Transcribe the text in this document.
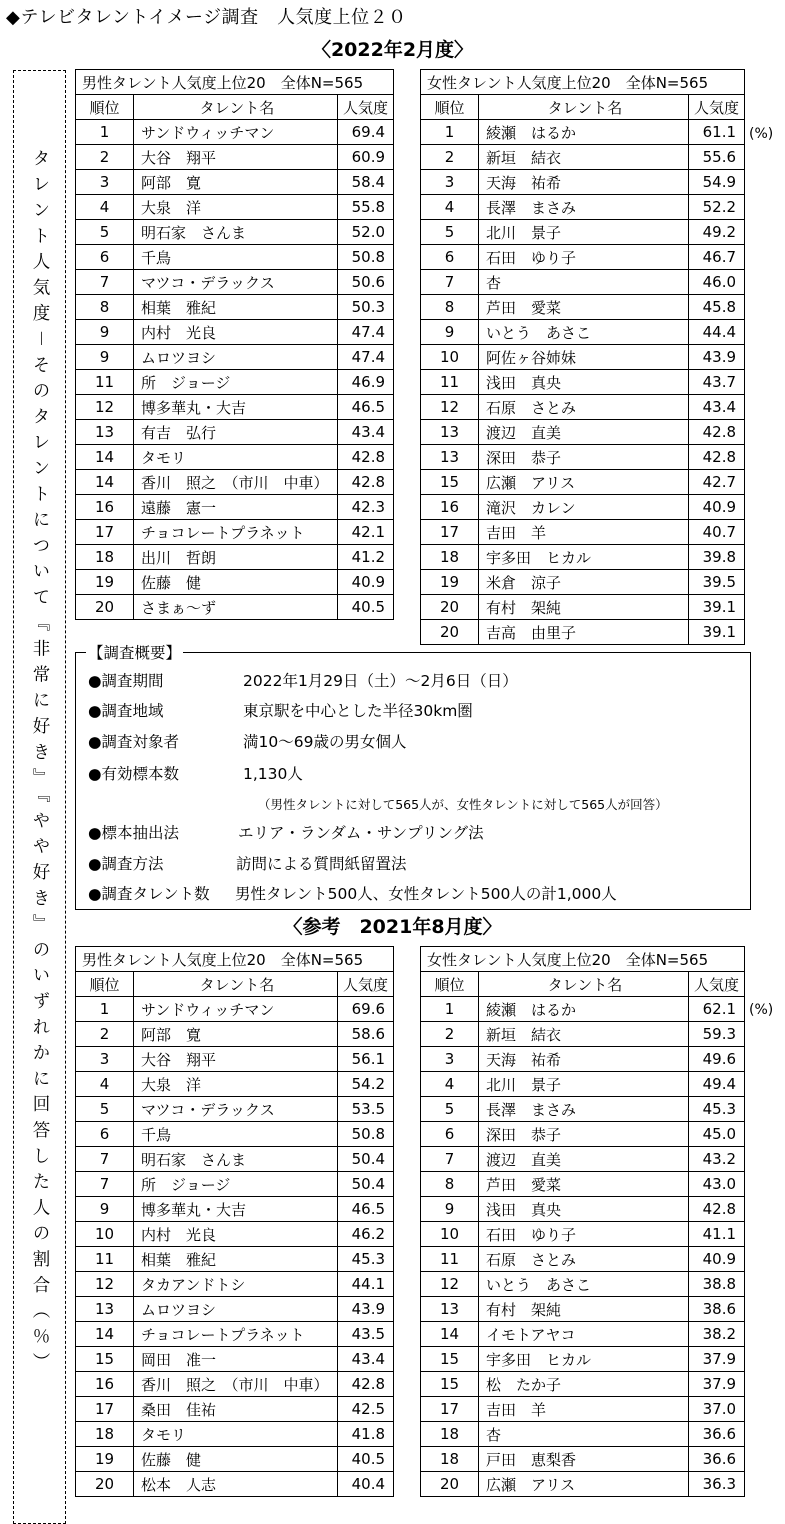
◆テレビタレントイメージ調査　人気度上位２０
〈2022年2月度〉
〈参考　2021年8月度〉
タレント人気度－そのタレントについて『非常に好き』『やや好き』のいずれかに回答した人の割合（％）
男性タレント人気度上位20　全体N=565		
順位	タレント名	人気度
1	サンドウィッチマン	69.4
2	大谷　翔平	60.9
3	阿部　寛	58.4
4	大泉　洋	55.8
5	明石家　さんま	52.0
6	千鳥	50.8
7	マツコ・デラックス	50.6
8	相葉　雅紀	50.3
9	内村　光良	47.4
9	ムロツヨシ	47.4
11	所　ジョージ	46.9
12	博多華丸・大吉	46.5
13	有吉　弘行	43.4
14	タモリ	42.8
14	香川　照之　（市川　中車）	42.8
16	遠藤　憲一	42.3
17	チョコレートプラネット	42.1
18	出川　哲朗	41.2
19	佐藤　健	40.9
20	さまぁ～ず	40.5
女性タレント人気度上位20　全体N=565		
順位	タレント名	人気度
1	綾瀬　はるか	61.1
2	新垣　結衣	55.6
3	天海　祐希	54.9
4	長澤　まさみ	52.2
5	北川　景子	49.2
6	石田　ゆり子	46.7
7	杏	46.0
8	芦田　愛菜	45.8
9	いとう　あさこ	44.4
10	阿佐ヶ谷姉妹	43.9
11	浅田　真央	43.7
12	石原　さとみ	43.4
13	渡辺　直美	42.8
13	深田　恭子	42.8
15	広瀬　アリス	42.7
16	滝沢　カレン	40.9
17	吉田　羊	40.7
18	宇多田　ヒカル	39.8
19	米倉　涼子	39.5
20	有村　架純	39.1
20	吉高　由里子	39.1
男性タレント人気度上位20　全体N=565		
順位	タレント名	人気度
1	サンドウィッチマン	69.6
2	阿部　寛	58.6
3	大谷　翔平	56.1
4	大泉　洋	54.2
5	マツコ・デラックス	53.5
6	千鳥	50.8
7	明石家　さんま	50.4
7	所　ジョージ	50.4
9	博多華丸・大吉	46.5
10	内村　光良	46.2
11	相葉　雅紀	45.3
12	タカアンドトシ	44.1
13	ムロツヨシ	43.9
14	チョコレートプラネット	43.5
15	岡田　准一	43.4
16	香川　照之　（市川　中車）	42.8
17	桑田　佳祐	42.5
18	タモリ	41.8
19	佐藤　健	40.5
20	松本　人志	40.4
女性タレント人気度上位20　全体N=565		
順位	タレント名	人気度
1	綾瀬　はるか	62.1
2	新垣　結衣	59.3
3	天海　祐希	49.6
4	北川　景子	49.4
5	長澤　まさみ	45.3
6	深田　恭子	45.0
7	渡辺　直美	43.2
8	芦田　愛菜	43.0
9	浅田　真央	42.8
10	石田　ゆり子	41.1
11	石原　さとみ	40.9
12	いとう　あさこ	38.8
13	有村　架純	38.6
14	イモトアヤコ	38.2
15	宇多田　ヒカル	37.9
15	松　たか子	37.9
17	吉田　羊	37.0
18	杏	36.6
18	戸田　恵梨香	36.6
20	広瀬　アリス	36.3
(%)
(%)
【調査概要】
●調査期間	2022年1月29日（土）～2月6日（日）
●調査地域	東京駅を中心とした半径30km圏
●調査対象者	満10～69歳の男女個人
●有効標本数	1,130人
（男性タレントに対して565人が、女性タレントに対して565人が回答）
●標本抽出法	エリア・ランダム・サンプリング法
●調査方法	訪問による質問紙留置法
●調査タレント数 男性タレント500人、女性タレント500人の計1,000人
